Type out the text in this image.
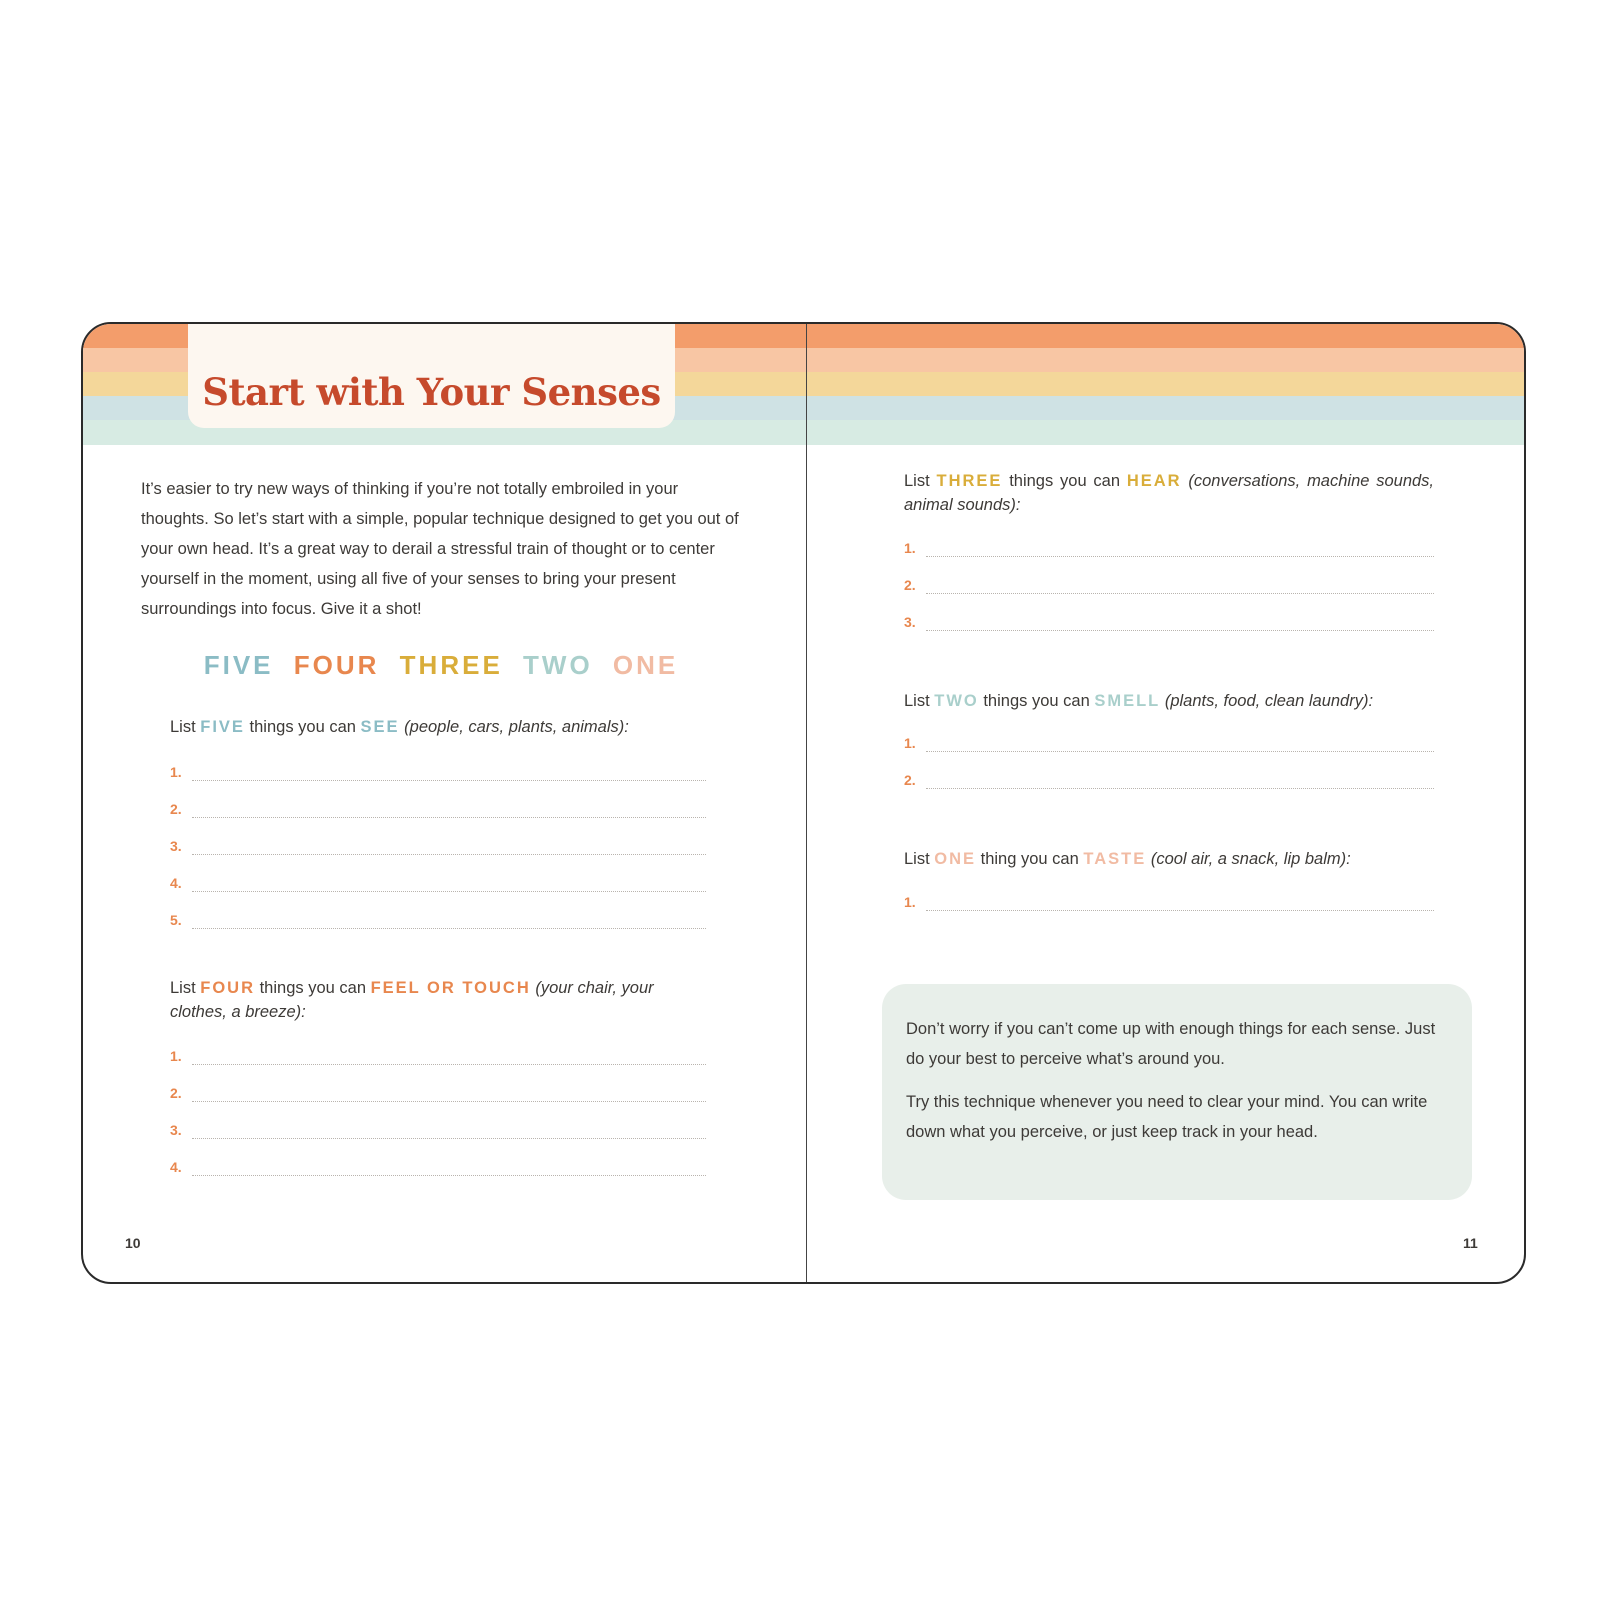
Start with Your Senses

It’s easier to try new ways of thinking if you’re not totally embroiled in your thoughts. So let’s start with a simple, popular technique designed to get you out of your own head. It’s a great way to derail a stressful train of thought or to center yourself in the moment, using all five of your senses to bring your present surroundings into focus. Give it a shot!

FIVE FOUR THREE TWO ONE
List FIVE things you can SEE (people, cars, plants, animals):
1.
2.
3.
4.
5.
List FOUR things you can FEEL OR TOUCH (your chair, your clothes, a breeze):
1.
2.
3.
4.
10
List THREE things you can HEAR (conversations, machine sounds, animal sounds):
1.
2.
3.
List TWO things you can SMELL (plants, food, clean laundry):
1.
2.
List ONE thing you can TASTE (cool air, a snack, lip balm):
1.

Don’t worry if you can’t come up with enough things for each sense. Just do your best to perceive what’s around you.

Try this technique whenever you need to clear your mind. You can write down what you perceive, or just keep track in your head.

11
